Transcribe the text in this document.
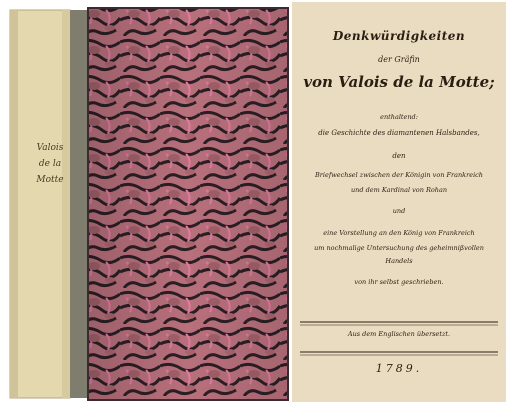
Valois
de la
Motte
Denkwürdigkeiten
der Gräfin
von Valois de la Motte;
enthaltend:
die Geschichte des diamantenen Halsbandes,
den
Briefwechsel zwischen der Königin von Frankreich
und dem Kardinal von Rohan
und
eine Vorstellung an den König von Frankreich
um nochmalige Untersuchung des geheimnißvollen
Handels
von ihr selbst geschrieben.
Aus dem Englischen übersetzt.
1789.
